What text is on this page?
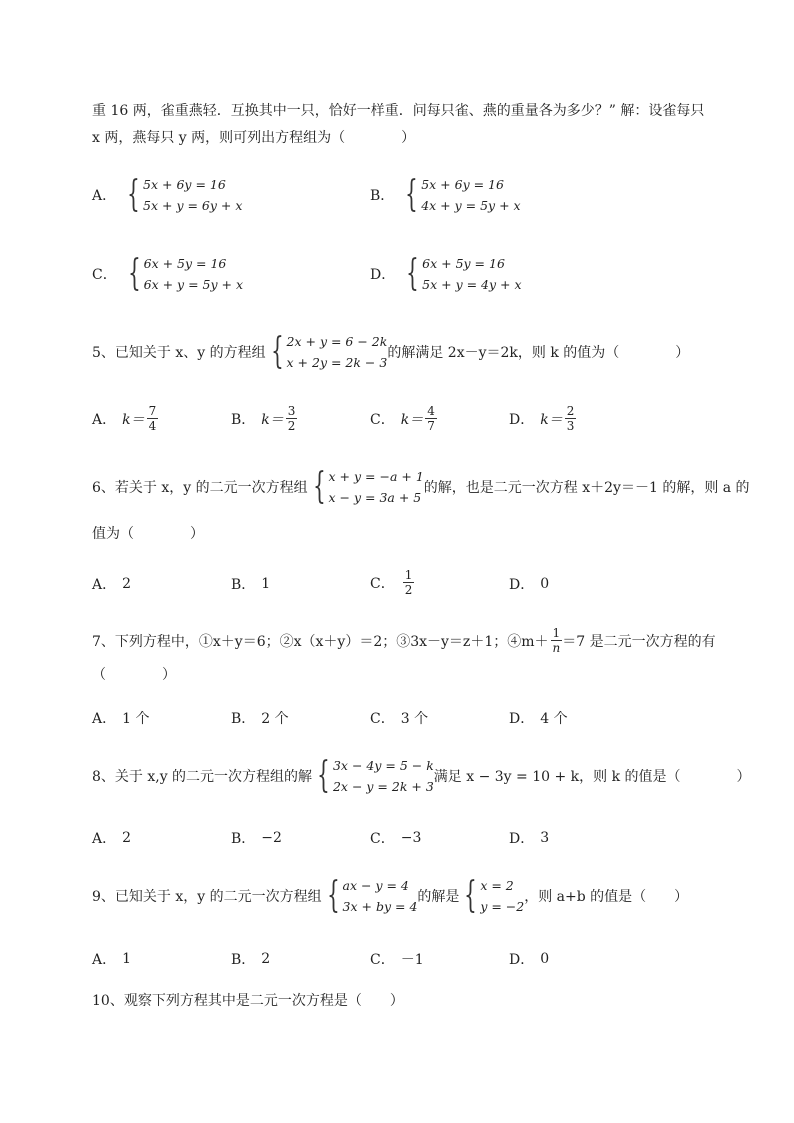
重 16 两，雀重燕轻．互换其中一只，恰好一样重．问每只雀、燕的重量各为多少？” 解：设雀每只
x 两，燕每只 y 两，则可列出方程组为（　　　　）
A． { 5x + 6y = 16
5x + y = 6y + x
B． { 5x + 6y = 16
4x + y = 5y + x
C． { 6x + 5y = 16
6x + y = 5y + x
D． { 6x + 5y = 16
5x + y = 4y + x
5、已知关于 x、y 的方程组 { 2x + y = 6 − 2k
x + 2y = 2k − 3
的解满足 2x－y＝2k，则 k 的值为（　　　　）
A． $k= \frac{7}{4}$	B． $k= \frac{3}{2}$	C． $k= \frac{4}{7}$	D． $k= \frac{2}{3}$
6、若关于 x，y 的二元一次方程组 { x + y = −a + 1
x − y = 3a + 5
的解，也是二元一次方程 x＋2y＝－1 的解，则 a 的
值为（　　　　）
A． 2	B． 1	C． $\frac{1}{2}$	D． 0
7、下列方程中，①x＋y＝6；②x（x＋y）＝2；③3x－y＝z＋1；④m＋ $\frac{1}{n} =7$ 是二元一次方程的有
（　　　　）
A． 1 个	B． 2 个	C． 3 个	D． 4 个
8、关于 x,y 的二元一次方程组的解 { 3x − 4y = 5 − k
2x − y = 2k + 3
满足 x − 3y = 10 + k，则 k 的值是（　　　　）
A． 2	B． −2	C． −3	D． 3
9、已知关于 x，y 的二元一次方程组 { ax − y = 4
3x + by = 4
的解是 { x = 2
y = −2
，则 a+b 的值是（　　）
A． 1	B． 2	C． －1	D． 0
10、观察下列方程其中是二元一次方程是（　　）
